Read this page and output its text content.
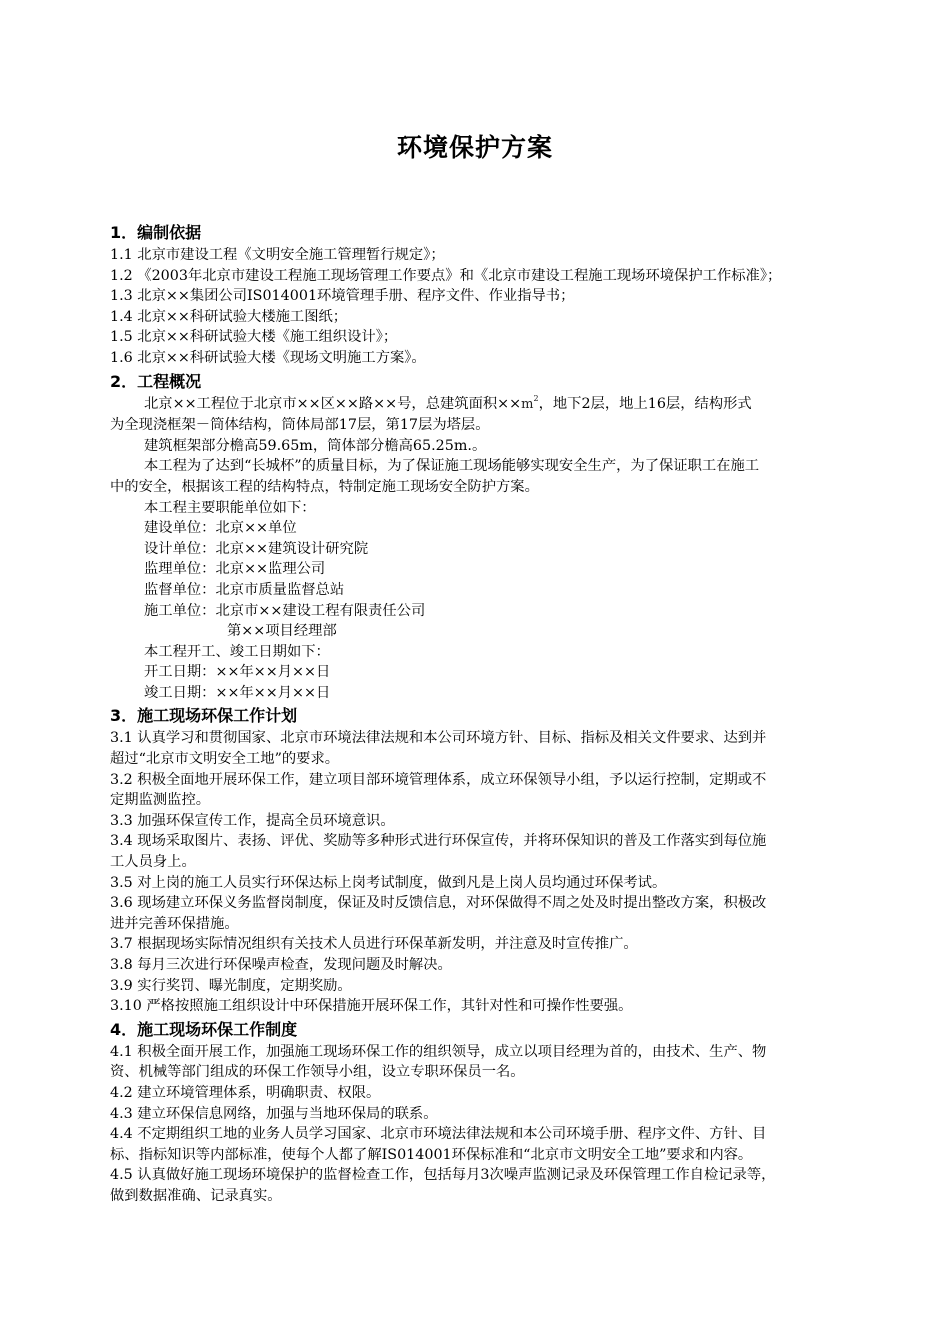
环境保护方案

1．编制依据

1.1 北京市建设工程《文明安全施工管理暂行规定》；

1.2 《2003年北京市建设工程施工现场管理工作要点》和《北京市建设工程施工现场环境保护工作标准》；

1.3 北京××集团公司IS014001环境管理手册、程序文件、作业指导书；

1.4 北京××科研试验大楼施工图纸；

1.5 北京××科研试验大楼《施工组织设计》；

1.6 北京××科研试验大楼《现场文明施工方案》。

2．工程概况

北京××工程位于北京市××区××路××号，总建筑面积$\times\times m^2$，地下2层，地上16层，结构形式

为全现浇框架－筒体结构，筒体局部17层，第17层为塔层。

建筑框架部分檐高59.65m，筒体部分檐高65.25m.。

本工程为了达到“长城杯”的质量目标，为了保证施工现场能够实现安全生产，为了保证职工在施工

中的安全，根据该工程的结构特点，特制定施工现场安全防护方案。

本工程主要职能单位如下：

建设单位：北京××单位

设计单位：北京××建筑设计研究院

监理单位：北京××监理公司

监督单位：北京市质量监督总站

施工单位：北京市××建设工程有限责任公司

第××项目经理部

本工程开工、竣工日期如下：

开工日期：××年××月××日

竣工日期：××年××月××日

3．施工现场环保工作计划

3.1 认真学习和贯彻国家、北京市环境法律法规和本公司环境方针、目标、指标及相关文件要求、达到并

超过“北京市文明安全工地”的要求。

3.2 积极全面地开展环保工作，建立项目部环境管理体系，成立环保领导小组，予以运行控制，定期或不

定期监测监控。

3.3 加强环保宣传工作，提高全员环境意识。

3.4 现场采取图片、表扬、评优、奖励等多种形式进行环保宣传，并将环保知识的普及工作落实到每位施

工人员身上。

3.5 对上岗的施工人员实行环保达标上岗考试制度，做到凡是上岗人员均通过环保考试。

3.6 现场建立环保义务监督岗制度，保证及时反馈信息，对环保做得不周之处及时提出整改方案，积极改

进并完善环保措施。

3.7 根据现场实际情况组织有关技术人员进行环保革新发明，并注意及时宣传推广。

3.8 每月三次进行环保噪声检查，发现问题及时解决。

3.9 实行奖罚、曝光制度，定期奖励。

3.10 严格按照施工组织设计中环保措施开展环保工作，其针对性和可操作性要强。

4．施工现场环保工作制度

4.1 积极全面开展工作，加强施工现场环保工作的组织领导，成立以项目经理为首的，由技术、生产、物

资、机械等部门组成的环保工作领导小组，设立专职环保员一名。

4.2 建立环境管理体系，明确职责、权限。

4.3 建立环保信息网络，加强与当地环保局的联系。

4.4 不定期组织工地的业务人员学习国家、北京市环境法律法规和本公司环境手册、程序文件、方针、目

标、指标知识等内部标准，使每个人都了解IS014001环保标准和“北京市文明安全工地”要求和内容。

4.5 认真做好施工现场环境保护的监督检查工作，包括每月3次噪声监测记录及环保管理工作自检记录等，

做到数据准确、记录真实。
